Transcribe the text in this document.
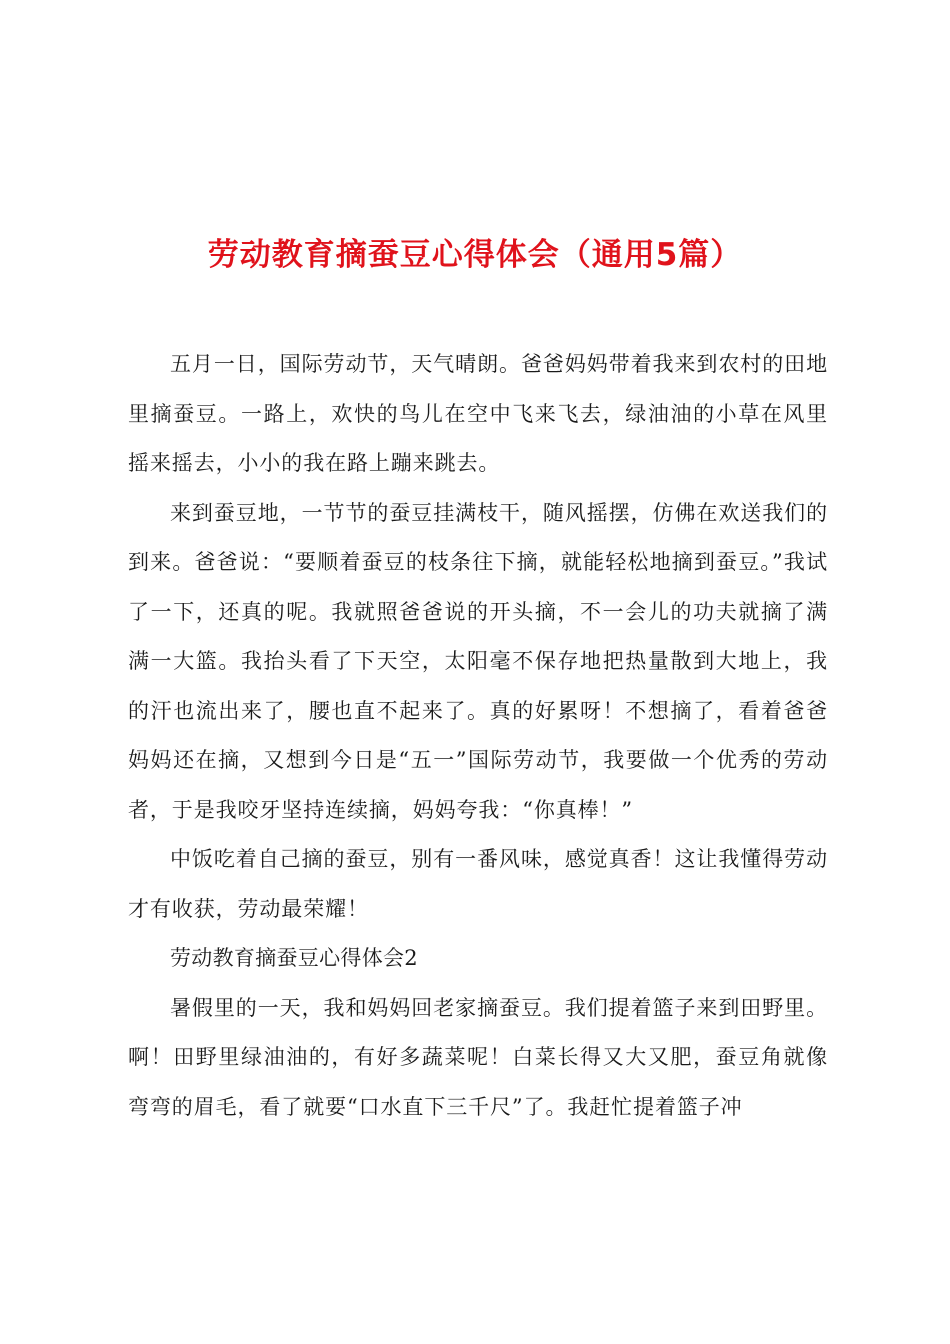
劳动教育摘蚕豆心得体会（通用5篇）

五月一日，国际劳动节，天气晴朗。爸爸妈妈带着我来到农村的田地里摘蚕豆。一路上，欢快的鸟儿在空中飞来飞去，绿油油的小草在风里摇来摇去，小小的我在路上蹦来跳去。

来到蚕豆地，一节节的蚕豆挂满枝干，随风摇摆，仿佛在欢送我们的到来。爸爸说：“要顺着蚕豆的枝条往下摘，就能轻松地摘到蚕豆。”我试了一下，还真的呢。我就照爸爸说的开头摘，不一会儿的功夫就摘了满满一大篮。我抬头看了下天空，太阳毫不保存地把热量散到大地上，我的汗也流出来了，腰也直不起来了。真的好累呀！不想摘了，看着爸爸妈妈还在摘，又想到今日是“五一”国际劳动节，我要做一个优秀的劳动者，于是我咬牙坚持连续摘，妈妈夸我：“你真棒！”

中饭吃着自己摘的蚕豆，别有一番风味，感觉真香！这让我懂得劳动才有收获，劳动最荣耀！

劳动教育摘蚕豆心得体会2

暑假里的一天，我和妈妈回老家摘蚕豆。我们提着篮子来到田野里。啊！田野里绿油油的，有好多蔬菜呢！白菜长得又大又肥，蚕豆角就像弯弯的眉毛，看了就要“口水直下三千尺”了。我赶忙提着篮子冲
